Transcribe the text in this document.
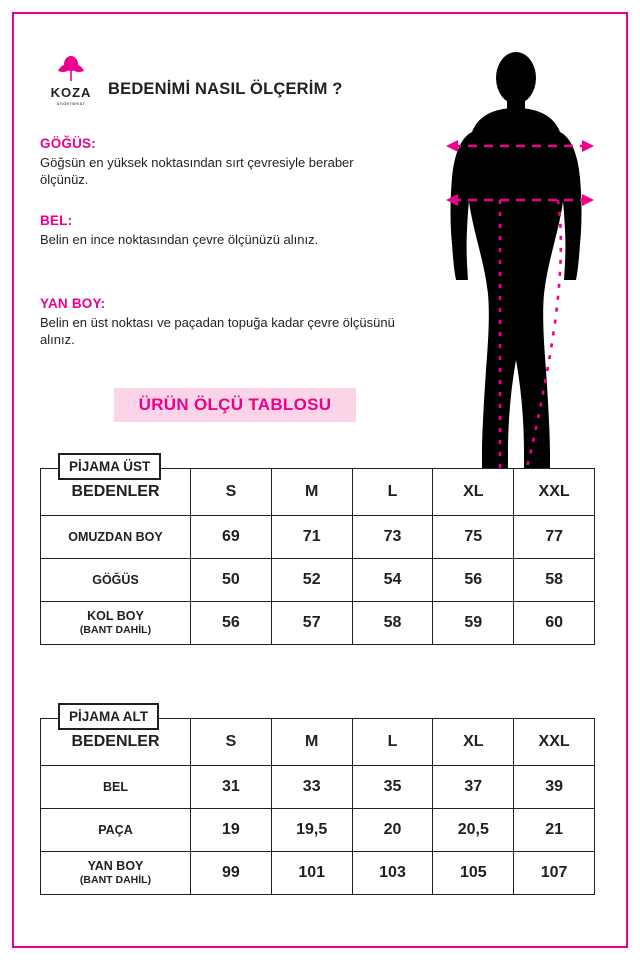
KOZA
underwear
BEDENİMİ NASIL ÖLÇERİM ?
GÖĞÜS:
Göğsün en yüksek noktasından sırt çevresiyle beraber ölçünüz.
BEL:
Belin en ince noktasından çevre ölçünüzü alınız.
YAN BOY:
Belin en üst noktası ve paçadan topuğa kadar çevre ölçüsünü alınız.
ÜRÜN ÖLÇÜ TABLOSU
PİJAMA ÜST
BEDENLER	S	M	L	XL	XXL
OMUZDAN BOY	69	71	73	75	77
GÖĞÜS	50	52	54	56	58
KOL BOY
(BANT DAHİL)	56	57	58	59	60
PİJAMA ALT
BEDENLER	S	M	L	XL	XXL
BEL	31	33	35	37	39
PAÇA	19	19,5	20	20,5	21
YAN BOY
(BANT DAHİL)	99	101	103	105	107
